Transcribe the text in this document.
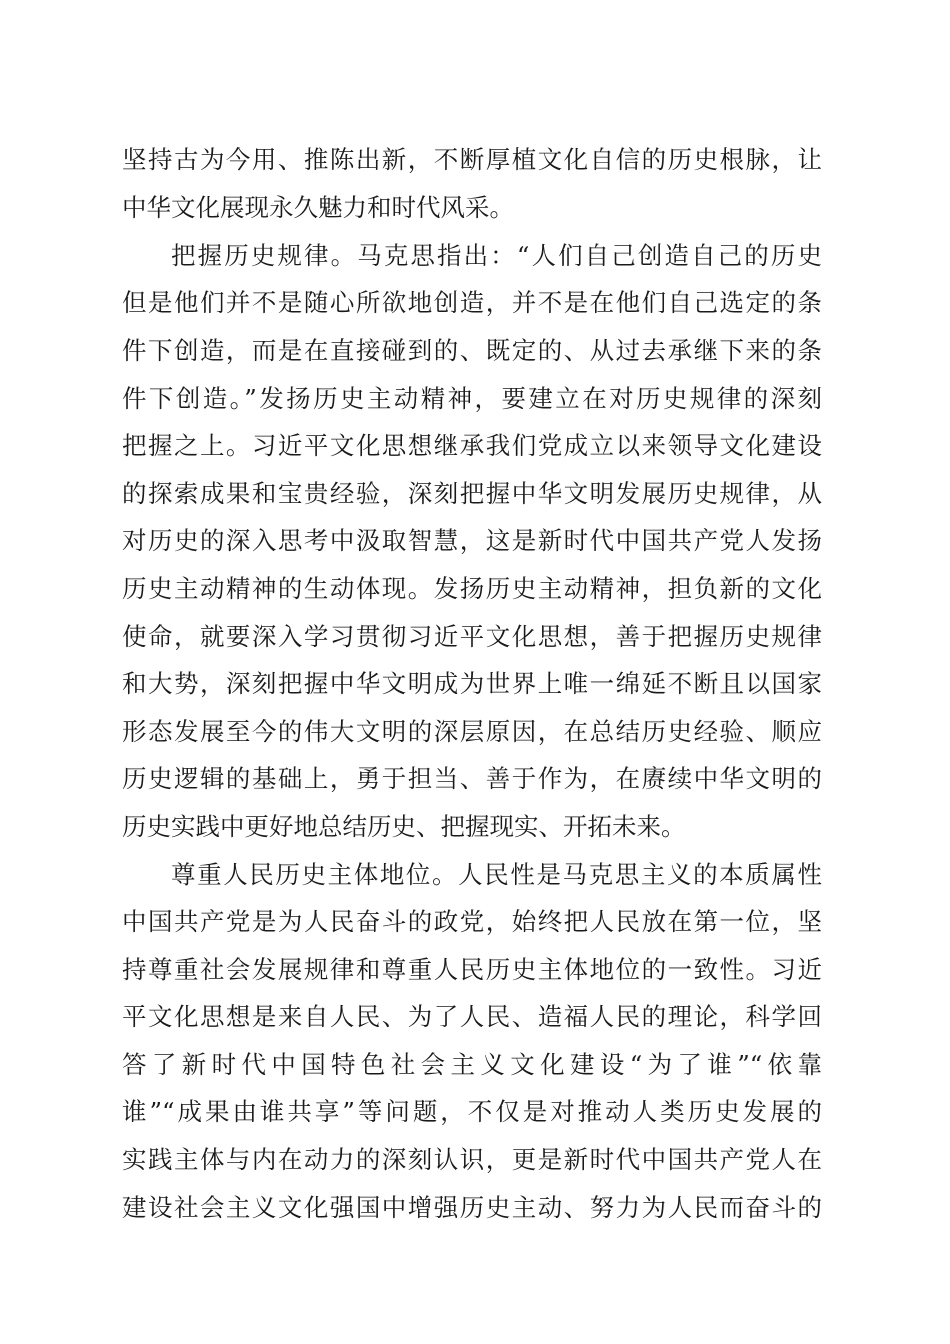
坚持古为今用、推陈出新，不断厚植文化自信的历史根脉，让
中华文化展现永久魅力和时代风采。
把握历史规律。马克思指出：“人们自己创造自己的历史
但是他们并不是随心所欲地创造，并不是在他们自己选定的条
件下创造，而是在直接碰到的、既定的、从过去承继下来的条
件下创造。”发扬历史主动精神，要建立在对历史规律的深刻
把握之上。习近平文化思想继承我们党成立以来领导文化建设
的探索成果和宝贵经验，深刻把握中华文明发展历史规律，从
对历史的深入思考中汲取智慧，这是新时代中国共产党人发扬
历史主动精神的生动体现。发扬历史主动精神，担负新的文化
使命，就要深入学习贯彻习近平文化思想，善于把握历史规律
和大势，深刻把握中华文明成为世界上唯一绵延不断且以国家
形态发展至今的伟大文明的深层原因，在总结历史经验、顺应
历史逻辑的基础上，勇于担当、善于作为，在赓续中华文明的
历史实践中更好地总结历史、把握现实、开拓未来。
尊重人民历史主体地位。人民性是马克思主义的本质属性
中国共产党是为人民奋斗的政党，始终把人民放在第一位，坚
持尊重社会发展规律和尊重人民历史主体地位的一致性。习近
平文化思想是来自人民、为了人民、造福人民的理论，科学回
答了新时代中国特色社会主义文化建设“为了谁”“依靠
谁”“成果由谁共享”等问题，不仅是对推动人类历史发展的
实践主体与内在动力的深刻认识，更是新时代中国共产党人在
建设社会主义文化强国中增强历史主动、努力为人民而奋斗的
